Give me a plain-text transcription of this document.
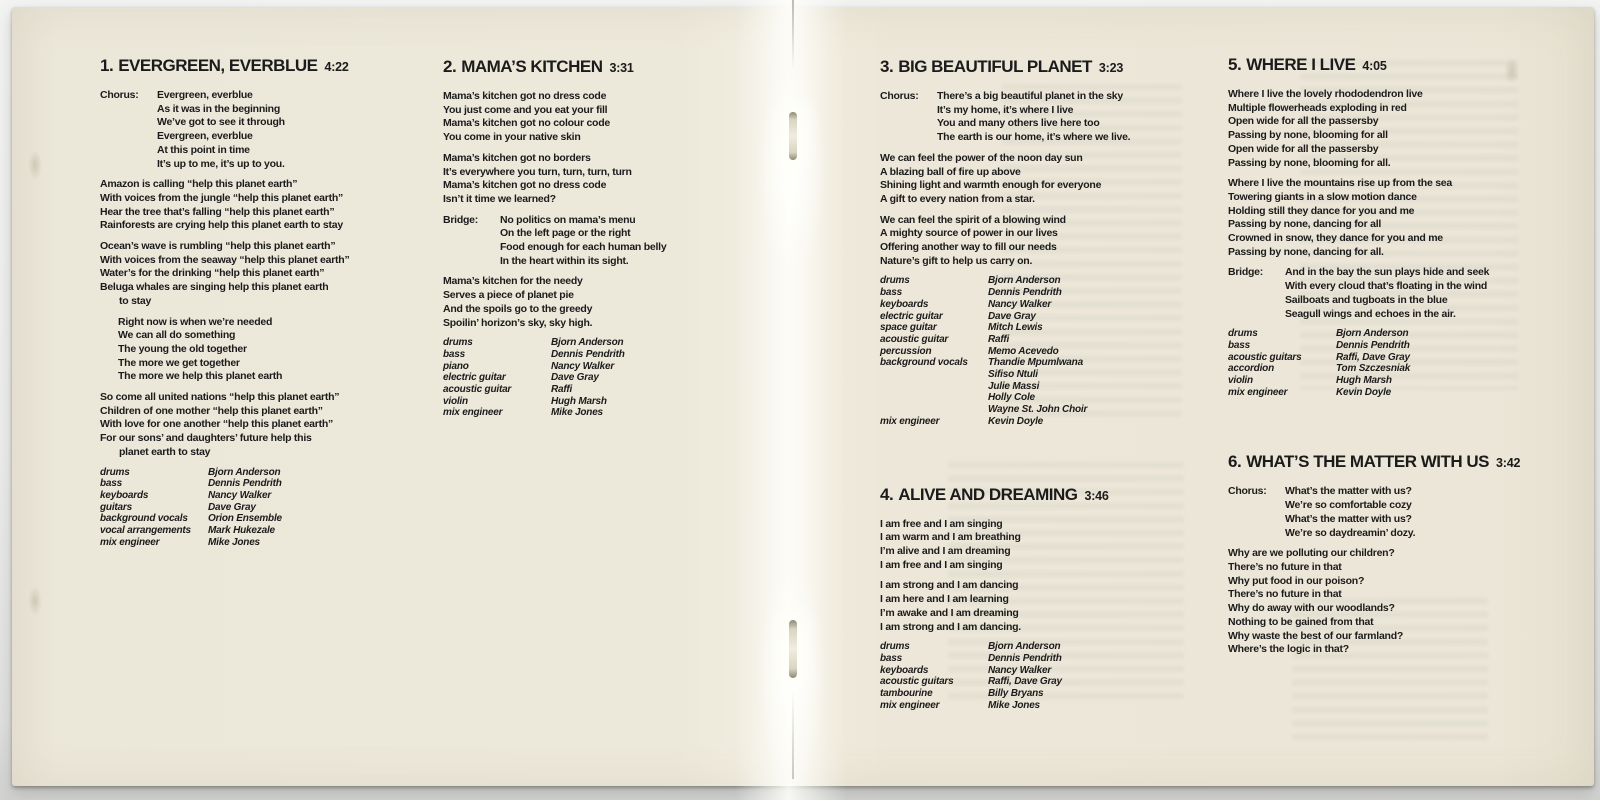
1. EVERGREEN, EVERBLUE 4:22
Chorus: Evergreen, everblue
As it was in the beginning
We’ve got to see it through
Evergreen, everblue
At this point in time
It’s up to me, it’s up to you.
Amazon is calling “help this planet earth”
With voices from the jungle “help this planet earth”
Hear the tree that’s falling “help this planet earth”
Rainforests are crying help this planet earth to stay
Ocean’s wave is rumbling “help this planet earth”
With voices from the seaway “help this planet earth”
Water’s for the drinking “help this planet earth”
Beluga whales are singing help this planet earth
to stay
Right now is when we’re needed
We can all do something
The young the old together
The more we get together
The more we help this planet earth
So come all united nations “help this planet earth”
Children of one mother “help this planet earth”
With love for one another “help this planet earth”
For our sons’ and daughters’ future help this
planet earth to stay
drums	Bjorn Anderson
bass	Dennis Pendrith
keyboards	Nancy Walker
guitars	Dave Gray
background vocals	Orion Ensemble
vocal arrangements	Mark Hukezale
mix engineer	Mike Jones
2. MAMA’S KITCHEN 3:31
Mama’s kitchen got no dress code
You just come and you eat your fill
Mama’s kitchen got no colour code
You come in your native skin
Mama’s kitchen got no borders
It’s everywhere you turn, turn, turn, turn
Mama’s kitchen got no dress code
Isn’t it time we learned?
Bridge: No politics on mama’s menu
On the left page or the right
Food enough for each human belly
In the heart within its sight.
Mama’s kitchen for the needy
Serves a piece of planet pie
And the spoils go to the greedy
Spoilin’ horizon’s sky, sky high.
drums	Bjorn Anderson
bass	Dennis Pendrith
piano	Nancy Walker
electric guitar	Dave Gray
acoustic guitar	Raffi
violin	Hugh Marsh
mix engineer	Mike Jones
3. BIG BEAUTIFUL PLANET 3:23
Chorus: There’s a big beautiful planet in the sky
It’s my home, it’s where I live
You and many others live here too
The earth is our home, it’s where we live.
We can feel the power of the noon day sun
A blazing ball of fire up above
Shining light and warmth enough for everyone
A gift to every nation from a star.
We can feel the spirit of a blowing wind
A mighty source of power in our lives
Offering another way to fill our needs
Nature’s gift to help us carry on.
drums	Bjorn Anderson
bass	Dennis Pendrith
keyboards	Nancy Walker
electric guitar	Dave Gray
space guitar	Mitch Lewis
acoustic guitar	Raffi
percussion	Memo Acevedo
background vocals	Thandie Mpumlwana
Sifiso Ntuli
Julie Massi
Holly Cole
Wayne St. John Choir
mix engineer	Kevin Doyle
4. ALIVE AND DREAMING 3:46
I am free and I am singing
I am warm and I am breathing
I’m alive and I am dreaming
I am free and I am singing
I am strong and I am dancing
I am here and I am learning
I’m awake and I am dreaming
I am strong and I am dancing.
drums	Bjorn Anderson
bass	Dennis Pendrith
keyboards	Nancy Walker
acoustic guitars	Raffi, Dave Gray
tambourine	Billy Bryans
mix engineer	Mike Jones
5. WHERE I LIVE 4:05
Where I live the lovely rhododendron live
Multiple flowerheads exploding in red
Open wide for all the passersby
Passing by none, blooming for all
Open wide for all the passersby
Passing by none, blooming for all.
Where I live the mountains rise up from the sea
Towering giants in a slow motion dance
Holding still they dance for you and me
Passing by none, dancing for all
Crowned in snow, they dance for you and me
Passing by none, dancing for all.
Bridge: And in the bay the sun plays hide and seek
With every cloud that’s floating in the wind
Sailboats and tugboats in the blue
Seagull wings and echoes in the air.
drums	Bjorn Anderson
bass	Dennis Pendrith
acoustic guitars	Raffi, Dave Gray
accordion	Tom Szczesniak
violin	Hugh Marsh
mix engineer	Kevin Doyle
6. WHAT’S THE MATTER WITH US 3:42
Chorus: What’s the matter with us?
We’re so comfortable cozy
What’s the matter with us?
We’re so daydreamin’ dozy.
Why are we polluting our children?
There’s no future in that
Why put food in our poison?
There’s no future in that
Why do away with our woodlands?
Nothing to be gained from that
Why waste the best of our farmland?
Where’s the logic in that?
